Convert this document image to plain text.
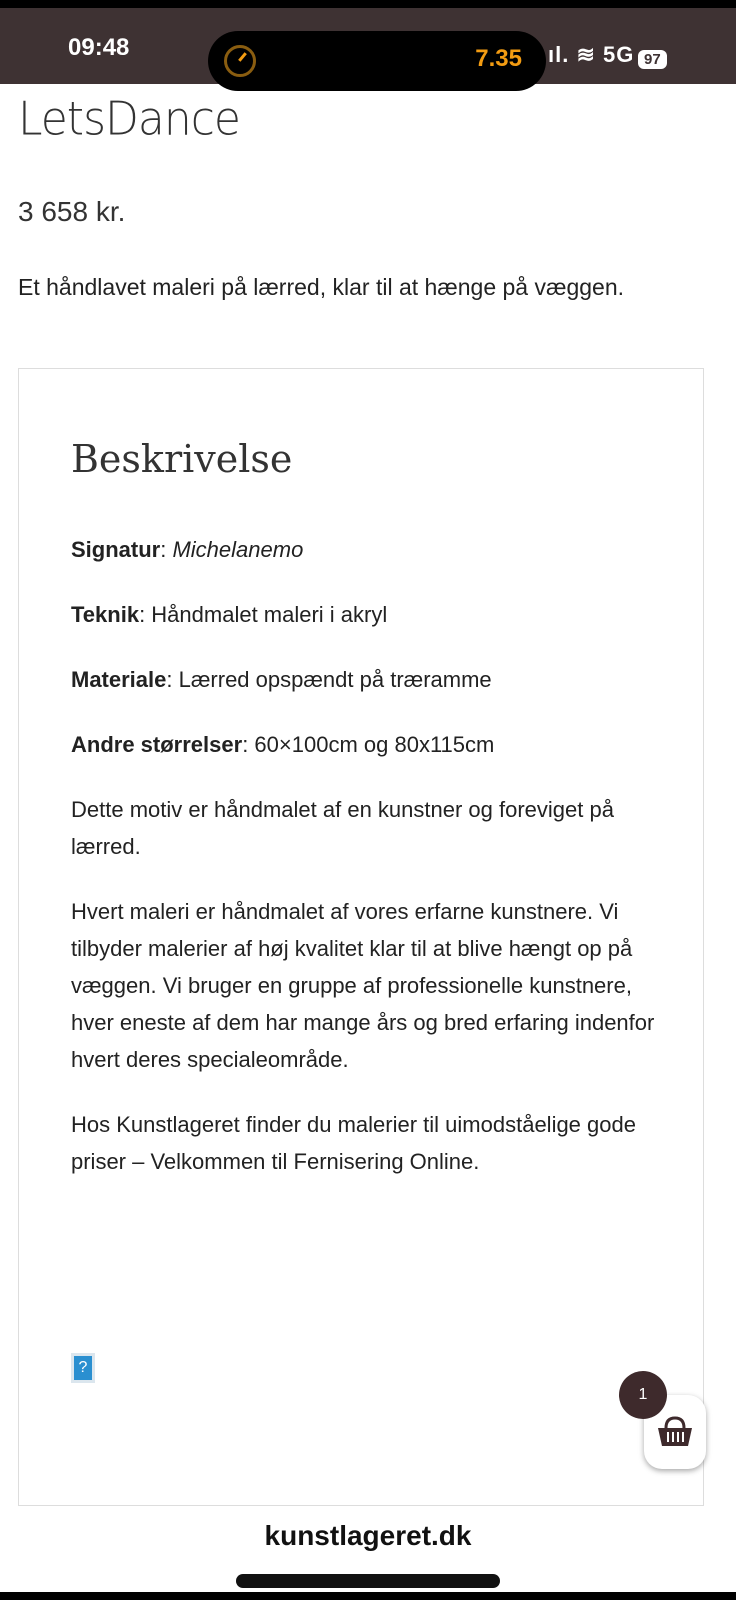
09:48	7.35 ıl. ≋ 5G 97
LetsDance
3 658 kr.

Et håndlavet maleri på lærred, klar til at hænge på væggen.

Beskrivelse

Signatur: Michelanemo

Teknik: Håndmalet maleri i akryl

Materiale: Lærred opspændt på træramme

Andre størrelser: 60×100cm og 80x115cm

Dette motiv er håndmalet af en kunstner og foreviget på lærred.

Hvert maleri er håndmalet af vores erfarne kunstnere. Vi tilbyder malerier af høj kvalitet klar til at blive hængt op på væggen. Vi bruger en gruppe af professionelle kunstnere, hver eneste af dem har mange års og bred erfaring indenfor hvert deres specialeområde.

Hos Kunstlageret finder du malerier til uimodståelige gode priser – Velkommen til Fernisering Online.

?
1
kunstlageret.dk
